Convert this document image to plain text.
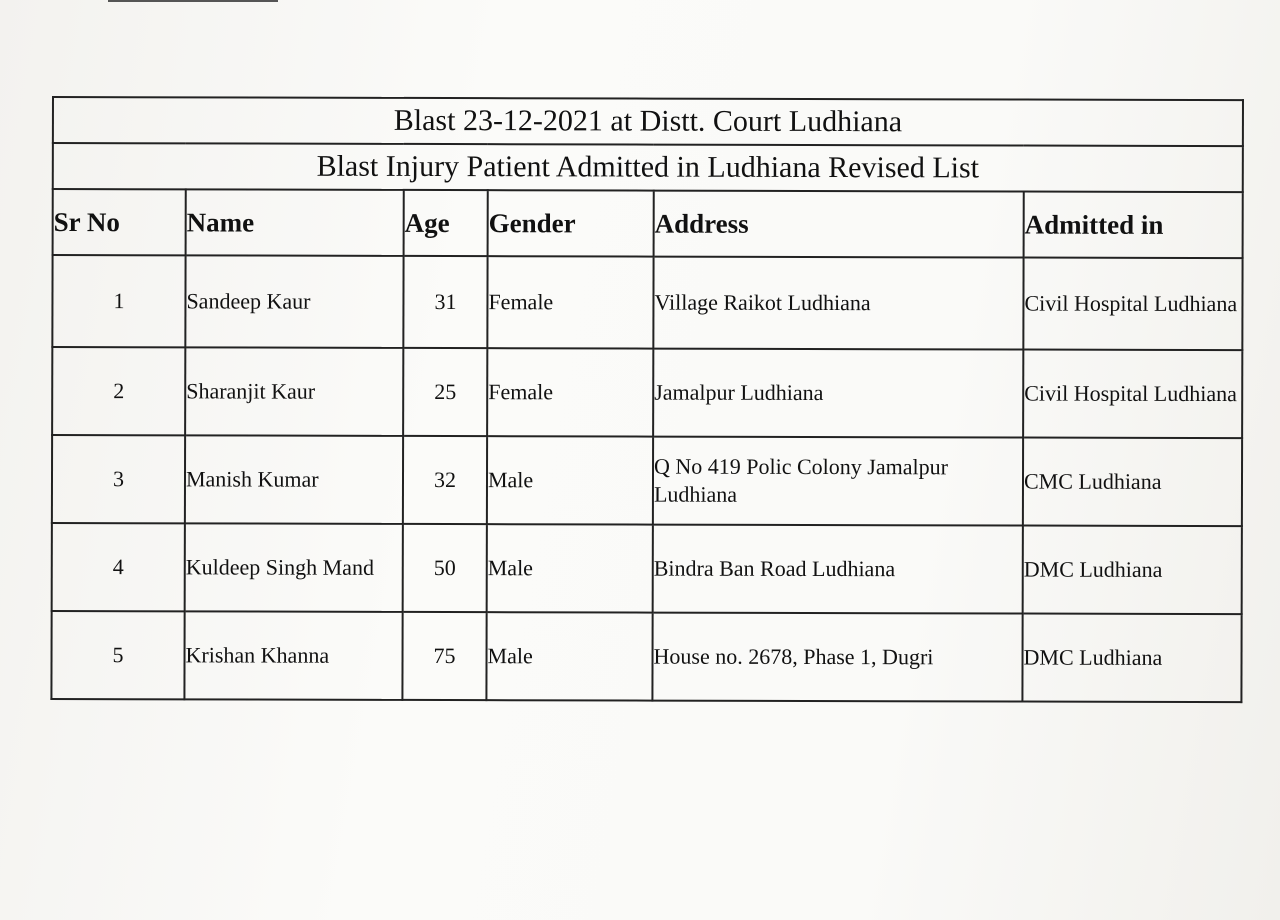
Blast 23-12-2021 at Distt. Court Ludhiana					
Blast Injury Patient Admitted in Ludhiana Revised List					
Sr No	Name	Age	Gender	Address	Admitted in
1	Sandeep Kaur	31	Female	Village Raikot Ludhiana	Civil Hospital Ludhiana
2	Sharanjit Kaur	25	Female	Jamalpur Ludhiana	Civil Hospital Ludhiana
3	Manish Kumar	32	Male	Q No 419 Polic Colony Jamalpur Ludhiana	CMC Ludhiana
4	Kuldeep Singh Mand	50	Male	Bindra Ban Road Ludhiana	DMC Ludhiana
5	Krishan Khanna	75	Male	House no. 2678, Phase 1, Dugri	DMC Ludhiana
